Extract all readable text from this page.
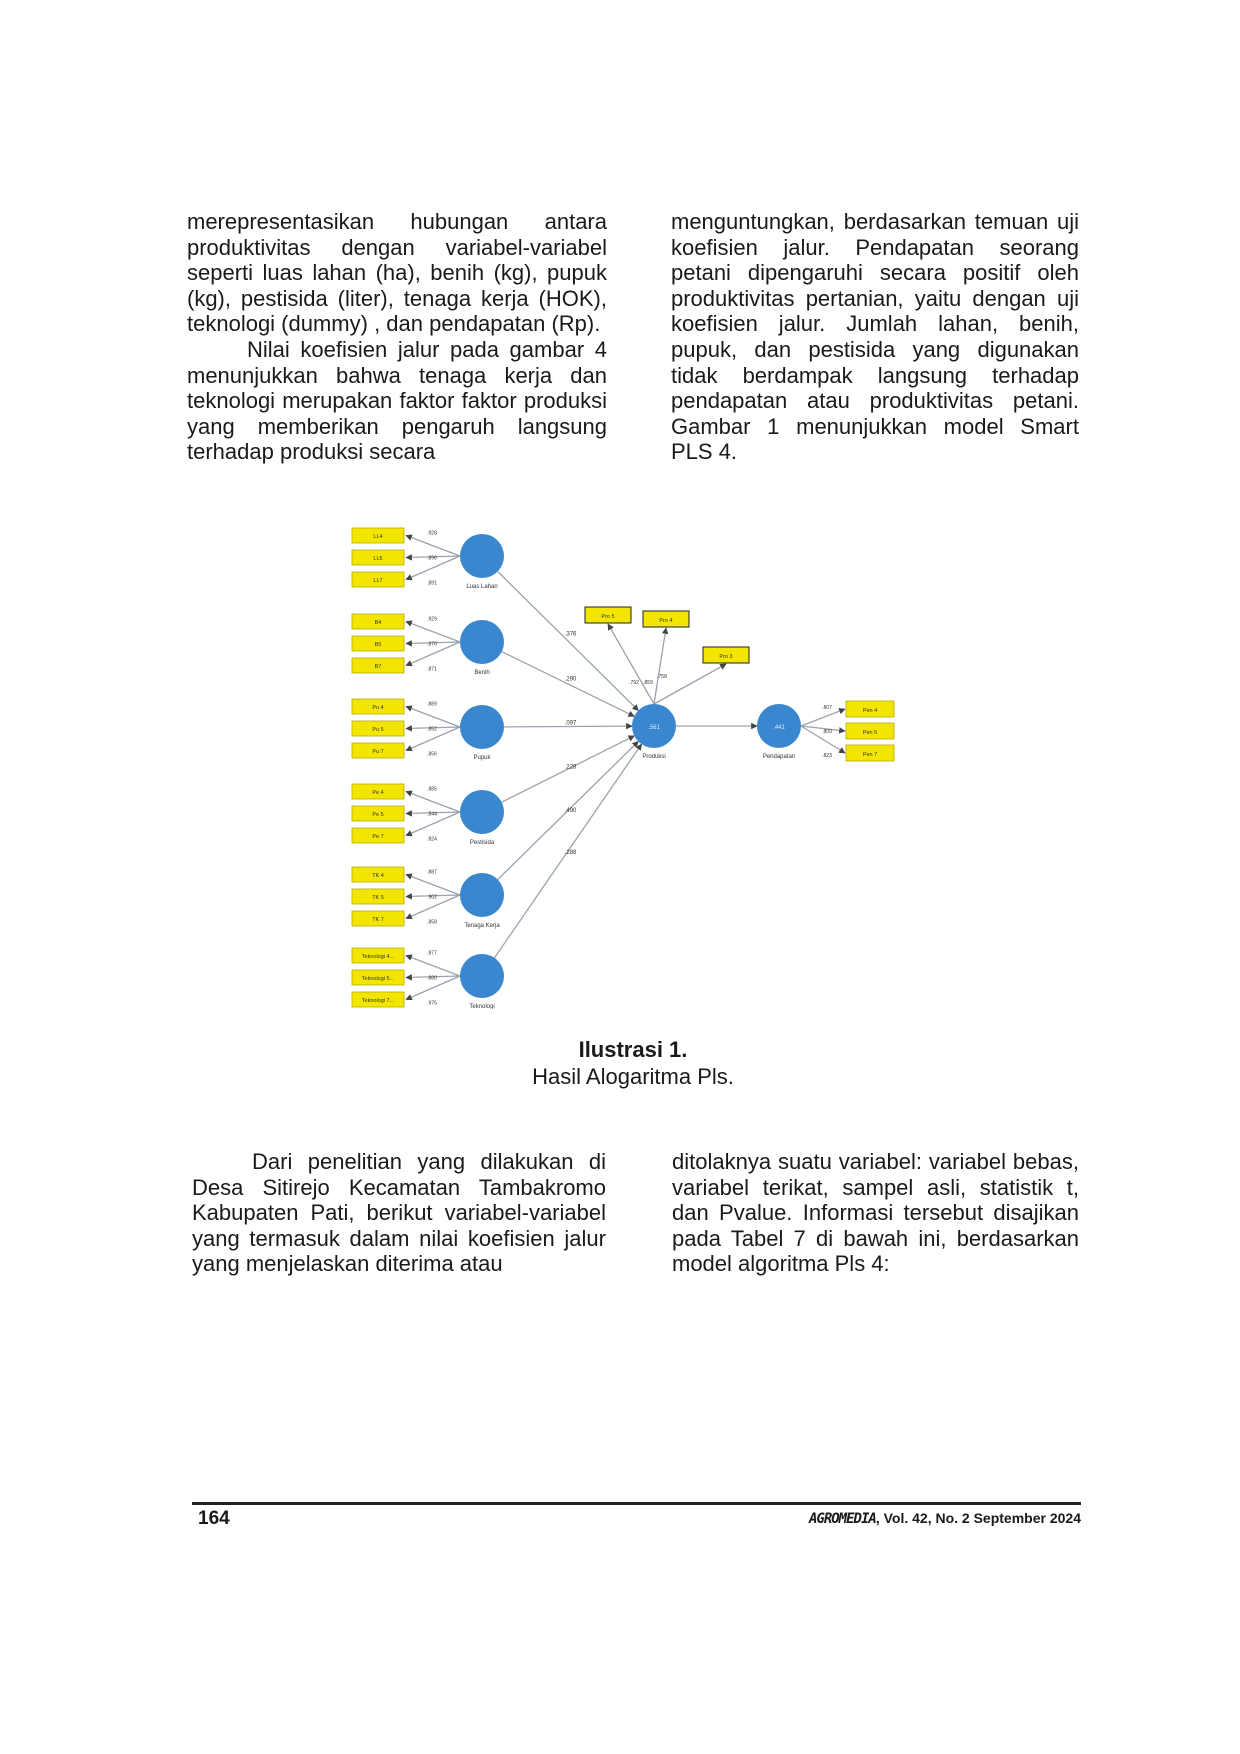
merepresentasikan hubungan antara produktivitas dengan variabel-variabel seperti luas lahan (ha), benih (kg), pupuk (kg), pestisida (liter), tenaga kerja (HOK), teknologi (dummy) , dan pendapatan (Rp).

Nilai koefisien jalur pada gambar 4 menunjukkan bahwa tenaga kerja dan teknologi merupakan faktor faktor produksi yang memberikan pengaruh langsung terhadap produksi secara

menguntungkan, berdasarkan temuan uji koefisien jalur. Pendapatan seorang petani dipengaruhi secara positif oleh produktivitas pertanian, yaitu dengan uji koefisien jalur. Jumlah lahan, benih, pupuk, dan pestisida yang digunakan tidak berdampak langsung terhadap pendapatan atau produktivitas petani. Gambar 1 menunjukkan model Smart PLS 4.

.376
LL4
.928
LL5	.896
LL7	.891
Luas Lahan
.290
B4
.929
B5	.870
B7	.871
Benih
.097
Pu 4
.889
Pu 5	.852
Pu 7	.856
Pupuk
.228
Pe 4
.885
Pe 5	.844
Pe 7	.824
Pestisida
.490
TK 4
.887
TK 5	.902
TK 7	.858
Tenaga Kerja
.288
Teknologi 4...
.877
Teknologi 5...	.880
Teknologi 7...	.975
Teknologi
Pro 5
.792
Pro 4
.859
Pro 3
.758
Pen 4
.807
Pen 5
.809
Pen 7
.823
.561
Produksi
.441
Pendapatan
Ilustrasi 1.
Hasil Alogaritma Pls.

Dari penelitian yang dilakukan di Desa Sitirejo Kecamatan Tambakromo Kabupaten Pati, berikut variabel-variabel yang termasuk dalam nilai koefisien jalur yang menjelaskan diterima atau

ditolaknya suatu variabel: variabel bebas, variabel terikat, sampel asli, statistik t, dan Pvalue. Informasi tersebut disajikan pada Tabel 7 di bawah ini, berdasarkan model algoritma Pls 4:

164	AGROMEDIA, Vol. 42, No. 2 September 2024
